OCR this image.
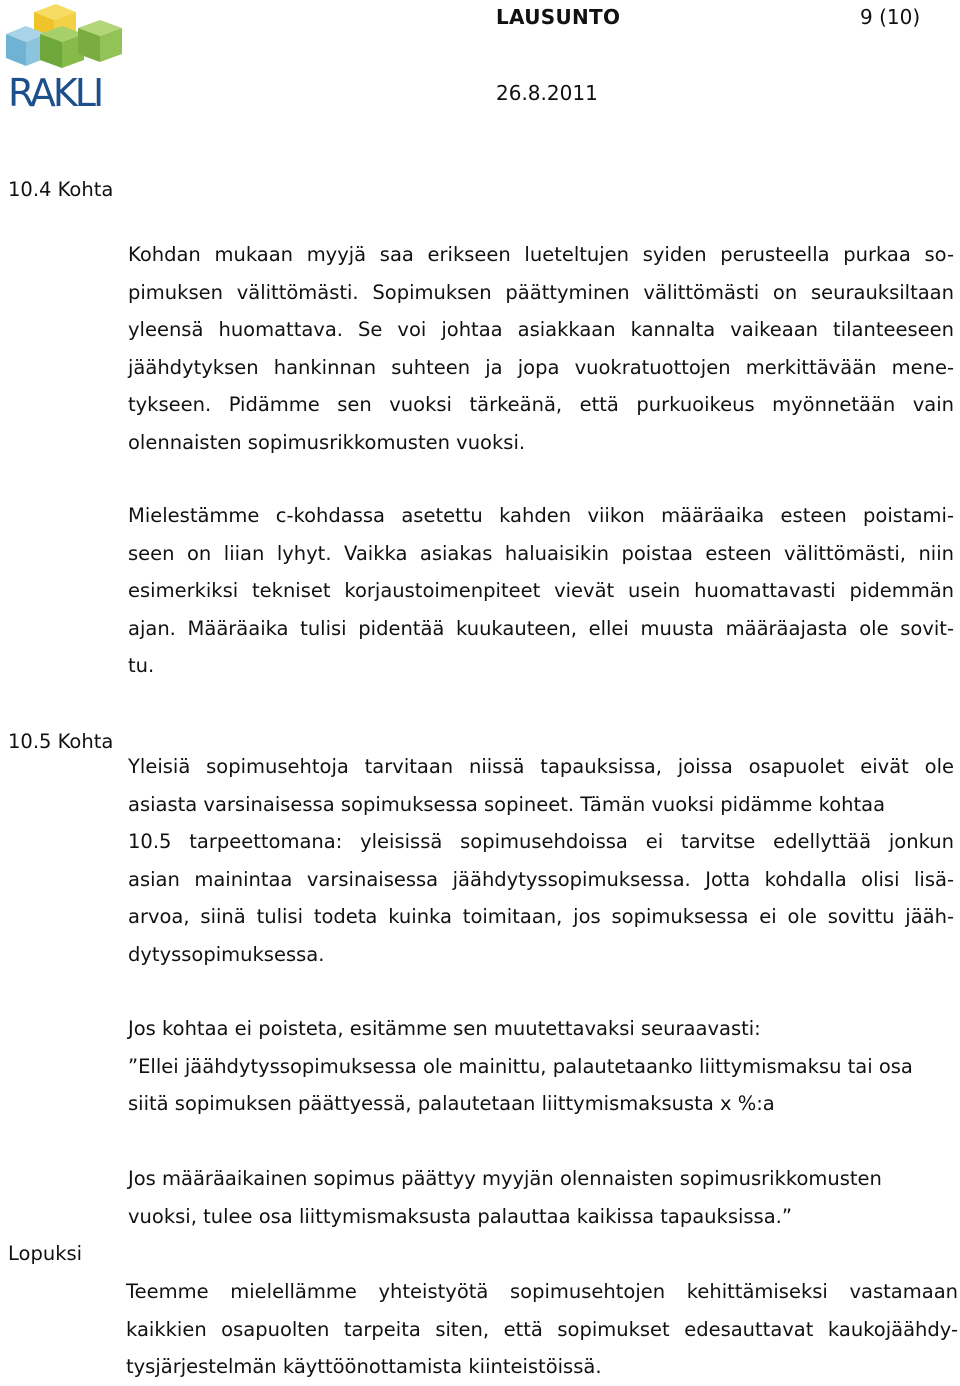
RAKLI
LAUSUNTO	9 (10)
26.8.2011
10.4 Kohta
Kohdan mukaan myyjä saa erikseen lueteltujen syiden perusteella purkaa so-
pimuksen välittömästi. Sopimuksen päättyminen välittömästi on seurauksiltaan
yleensä huomattava. Se voi johtaa asiakkaan kannalta vaikeaan tilanteeseen
jäähdytyksen hankinnan suhteen ja jopa vuokratuottojen merkittävään mene-
tykseen. Pidämme sen vuoksi tärkeänä, että purkuoikeus myönnetään vain
olennaisten sopimusrikkomusten vuoksi.
Mielestämme c-kohdassa asetettu kahden viikon määräaika esteen poistami-
seen on liian lyhyt. Vaikka asiakas haluaisikin poistaa esteen välittömästi, niin
esimerkiksi tekniset korjaustoimenpiteet vievät usein huomattavasti pidemmän
ajan. Määräaika tulisi pidentää kuukauteen, ellei muusta määräajasta ole sovit-
tu.
10.5 Kohta
Yleisiä sopimusehtoja tarvitaan niissä tapauksissa, joissa osapuolet eivät ole
asiasta varsinaisessa sopimuksessa sopineet. Tämän vuoksi pidämme kohtaa
10.5 tarpeettomana: yleisissä sopimusehdoissa ei tarvitse edellyttää jonkun
asian mainintaa varsinaisessa jäähdytyssopimuksessa. Jotta kohdalla olisi lisä-
arvoa, siinä tulisi todeta kuinka toimitaan, jos sopimuksessa ei ole sovittu jääh-
dytyssopimuksessa.
Jos kohtaa ei poisteta, esitämme sen muutettavaksi seuraavasti:
”Ellei jäähdytyssopimuksessa ole mainittu, palautetaanko liittymismaksu tai osa
siitä sopimuksen päättyessä, palautetaan liittymismaksusta x %:a
Jos määräaikainen sopimus päättyy myyjän olennaisten sopimusrikkomusten
vuoksi, tulee osa liittymismaksusta palauttaa kaikissa tapauksissa.”
Lopuksi
Teemme mielellämme yhteistyötä sopimusehtojen kehittämiseksi vastamaan
kaikkien osapuolten tarpeita siten, että sopimukset edesauttavat kaukojäähdy-
tysjärjestelmän käyttöönottamista kiinteistöissä.
